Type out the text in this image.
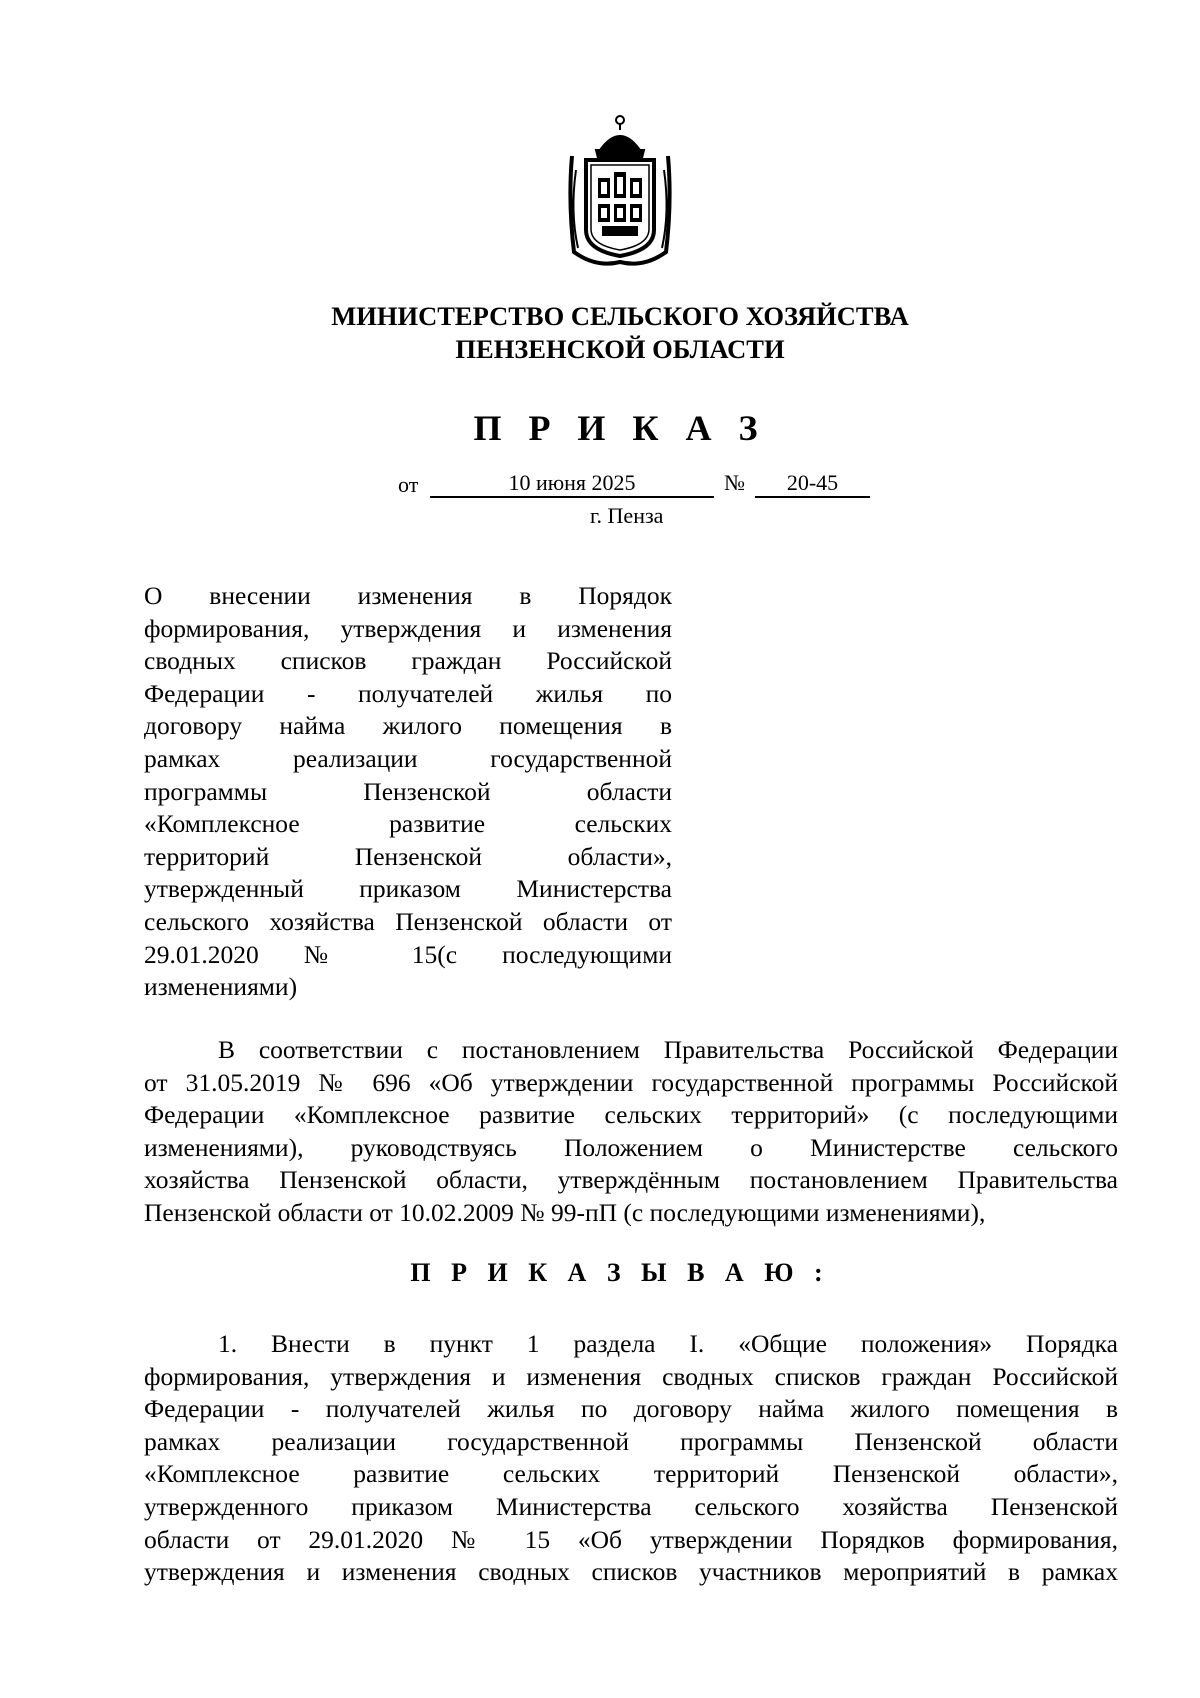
МИНИСТЕРСТВО СЕЛЬСКОГО ХОЗЯЙСТВА
ПЕНЗЕНСКОЙ ОБЛАСТИ
П Р И К А З
от	10 июня 2025	№	20-45
г. Пенза
О внесении изменения в Порядок
формирования, утверждения и изменения
сводных списков граждан Российской
Федерации - получателей жилья по
договору найма жилого помещения в
рамках реализации государственной
программы Пензенской области
«Комплексное развитие сельских
территорий Пензенской области»,
утвержденный приказом Министерства
сельского хозяйства Пензенской области от
29.01.2020 № 15(с последующими
изменениями)
В соответствии с постановлением Правительства Российской Федерации
от 31.05.2019 № 696 «Об утверждении государственной программы Российской
Федерации «Комплексное развитие сельских территорий» (с последующими
изменениями), руководствуясь Положением о Министерстве сельского
хозяйства Пензенской области, утверждённым постановлением Правительства
Пензенской области от 10.02.2009 № 99-пП (с последующими изменениями),
П Р И К А З Ы В А Ю :
1. Внести в пункт 1 раздела I. «Общие положения» Порядка
формирования, утверждения и изменения сводных списков граждан Российской
Федерации - получателей жилья по договору найма жилого помещения в
рамках реализации государственной программы Пензенской области
«Комплексное развитие сельских территорий Пензенской области»,
утвержденного приказом Министерства сельского хозяйства Пензенской
области от 29.01.2020 № 15 «Об утверждении Порядков формирования,
утверждения и изменения сводных списков участников мероприятий в рамках
